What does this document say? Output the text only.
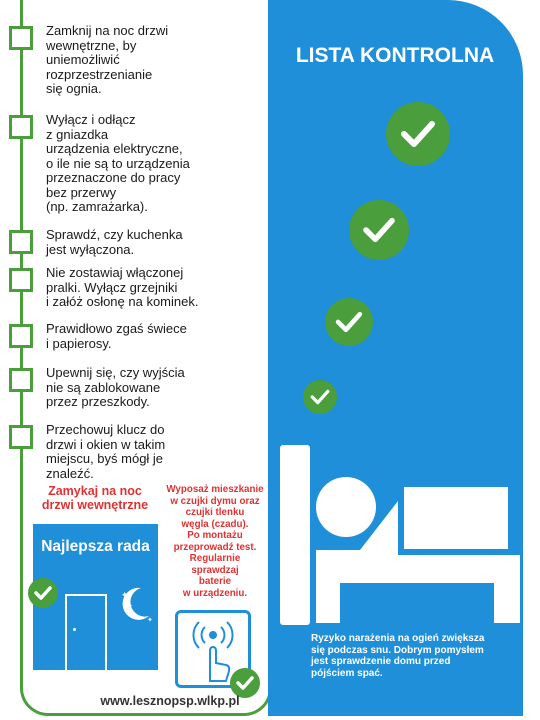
Zamknij na noc drzwi
wewnętrzne, by
uniemożliwić
rozprzestrzenianie
się ognia.
Wyłącz i odłącz
z gniazdka
urządzenia elektryczne,
o ile nie są to urządzenia
przeznaczone do pracy
bez przerwy
(np. zamrażarka).
Sprawdź, czy kuchenka
jest wyłączona.
Nie zostawiaj włączonej
pralki. Wyłącz grzejniki
i załóż osłonę na kominek.
Prawidłowo zgaś świece
i papierosy.
Upewnij się, czy wyjścia
nie są zablokowane
przez przeszkody.
Przechowuj klucz do
drzwi i okien w takim
miejscu, byś mógł je
znaleźć.
Zamykaj na noc
drzwi wewnętrzne
Wyposaż mieszkanie
w czujki dymu oraz
czujki tlenku
węgla (czadu).
Po montażu
przeprowadź test.
Regularnie
sprawdzaj
baterie
w urządzeniu.
Najlepsza rada
✦
✦
✦
www.lesznopsp.wlkp.pl
LISTA KONTROLNA
Ryzyko narażenia na ogień zwiększa
się podczas snu. Dobrym pomysłem
jest sprawdzenie domu przed
pójściem spać.
